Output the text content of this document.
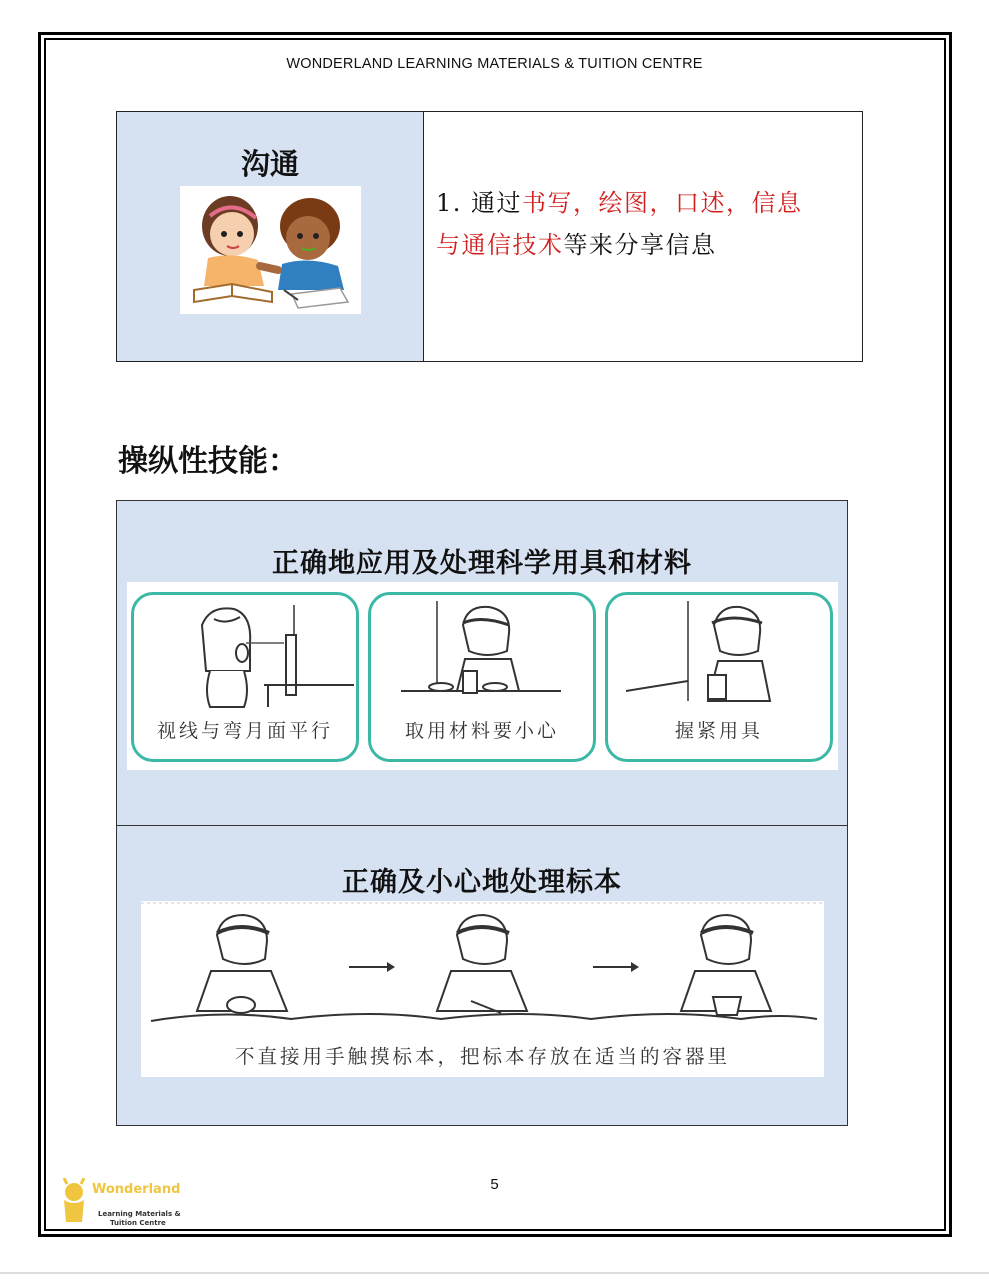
WONDERLAND LEARNING MATERIALS & TUITION CENTRE
沟通
1. 通过书写，绘图，口述，信息
与通信技术等来分享信息
操纵性技能：
正确地应用及处理科学用具和材料
视线与弯月面平行	取用材料要小心	握紧用具
正确及小心地处理标本
不直接用手触摸标本，把标本存放在适当的容器里
5
Wonderland
Learning Materials &
Tuition Centre
